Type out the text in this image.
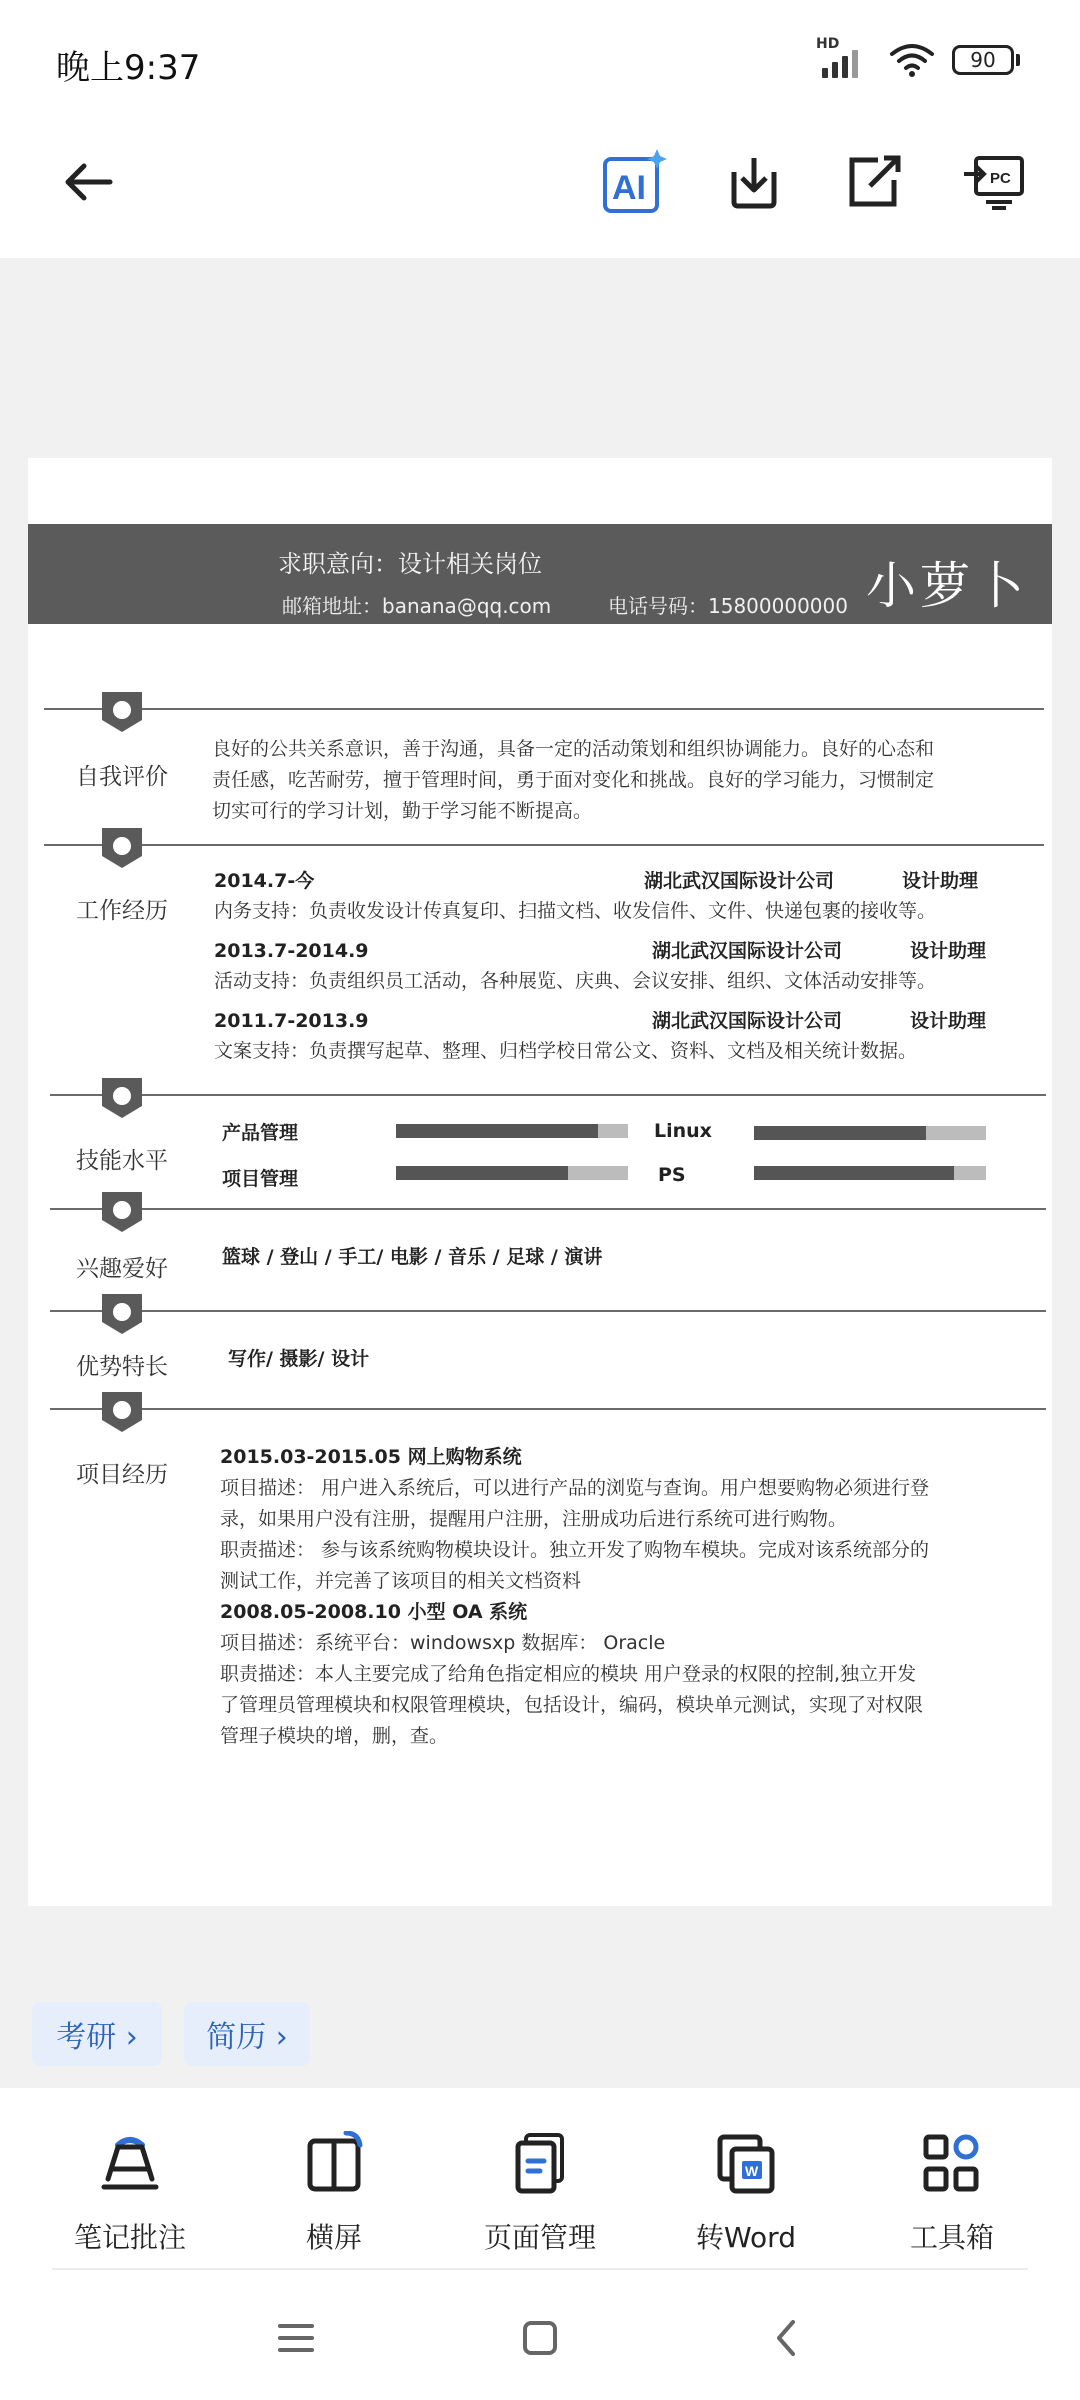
晚上9:37
HD
90
AI	PC
求职意向：设计相关岗位
邮箱地址：banana@qq.com	电话号码：15800000000 小萝卜
自我评价
良好的公共关系意识，善于沟通，具备一定的活动策划和组织协调能力。良好的心态和
责任感，吃苦耐劳，擅于管理时间，勇于面对变化和挑战。良好的学习能力，习惯制定
切实可行的学习计划，勤于学习能不断提高。
工作经历
2014.7-今	湖北武汉国际设计公司	设计助理
内务支持：负责收发设计传真复印、扫描文档、收发信件、文件、快递包裹的接收等。
2013.7-2014.9	湖北武汉国际设计公司	设计助理
活动支持：负责组织员工活动，各种展览、庆典、会议安排、组织、文体活动安排等。
2011.7-2013.9	湖北武汉国际设计公司	设计助理
文案支持：负责撰写起草、整理、归档学校日常公文、资料、文档及相关统计数据。
技能水平
产品管理	Linux
项目管理	PS
兴趣爱好	篮球 / 登山 / 手工/ 电影 / 音乐 / 足球 / 演讲
优势特长	写作/ 摄影/ 设计
项目经历
2015.03-2015.05 网上购物系统
项目描述： 用户进入系统后，可以进行产品的浏览与查询。用户想要购物必须进行登
录，如果用户没有注册，提醒用户注册，注册成功后进行系统可进行购物。
职责描述： 参与该系统购物模块设计。独立开发了购物车模块。完成对该系统部分的
测试工作，并完善了该项目的相关文档资料
2008.05-2008.10 小型 OA 系统
项目描述：系统平台：windowsxp 数据库： Oracle
职责描述：本人主要完成了给角色指定相应的模块 用户登录的权限的控制,独立开发
了管理员管理模块和权限管理模块，包括设计，编码，模块单元测试，实现了对权限
管理子模块的增，删，查。
考研 ›	简历 ›
笔记批注	横屏	页面管理
W
转Word	工具箱
